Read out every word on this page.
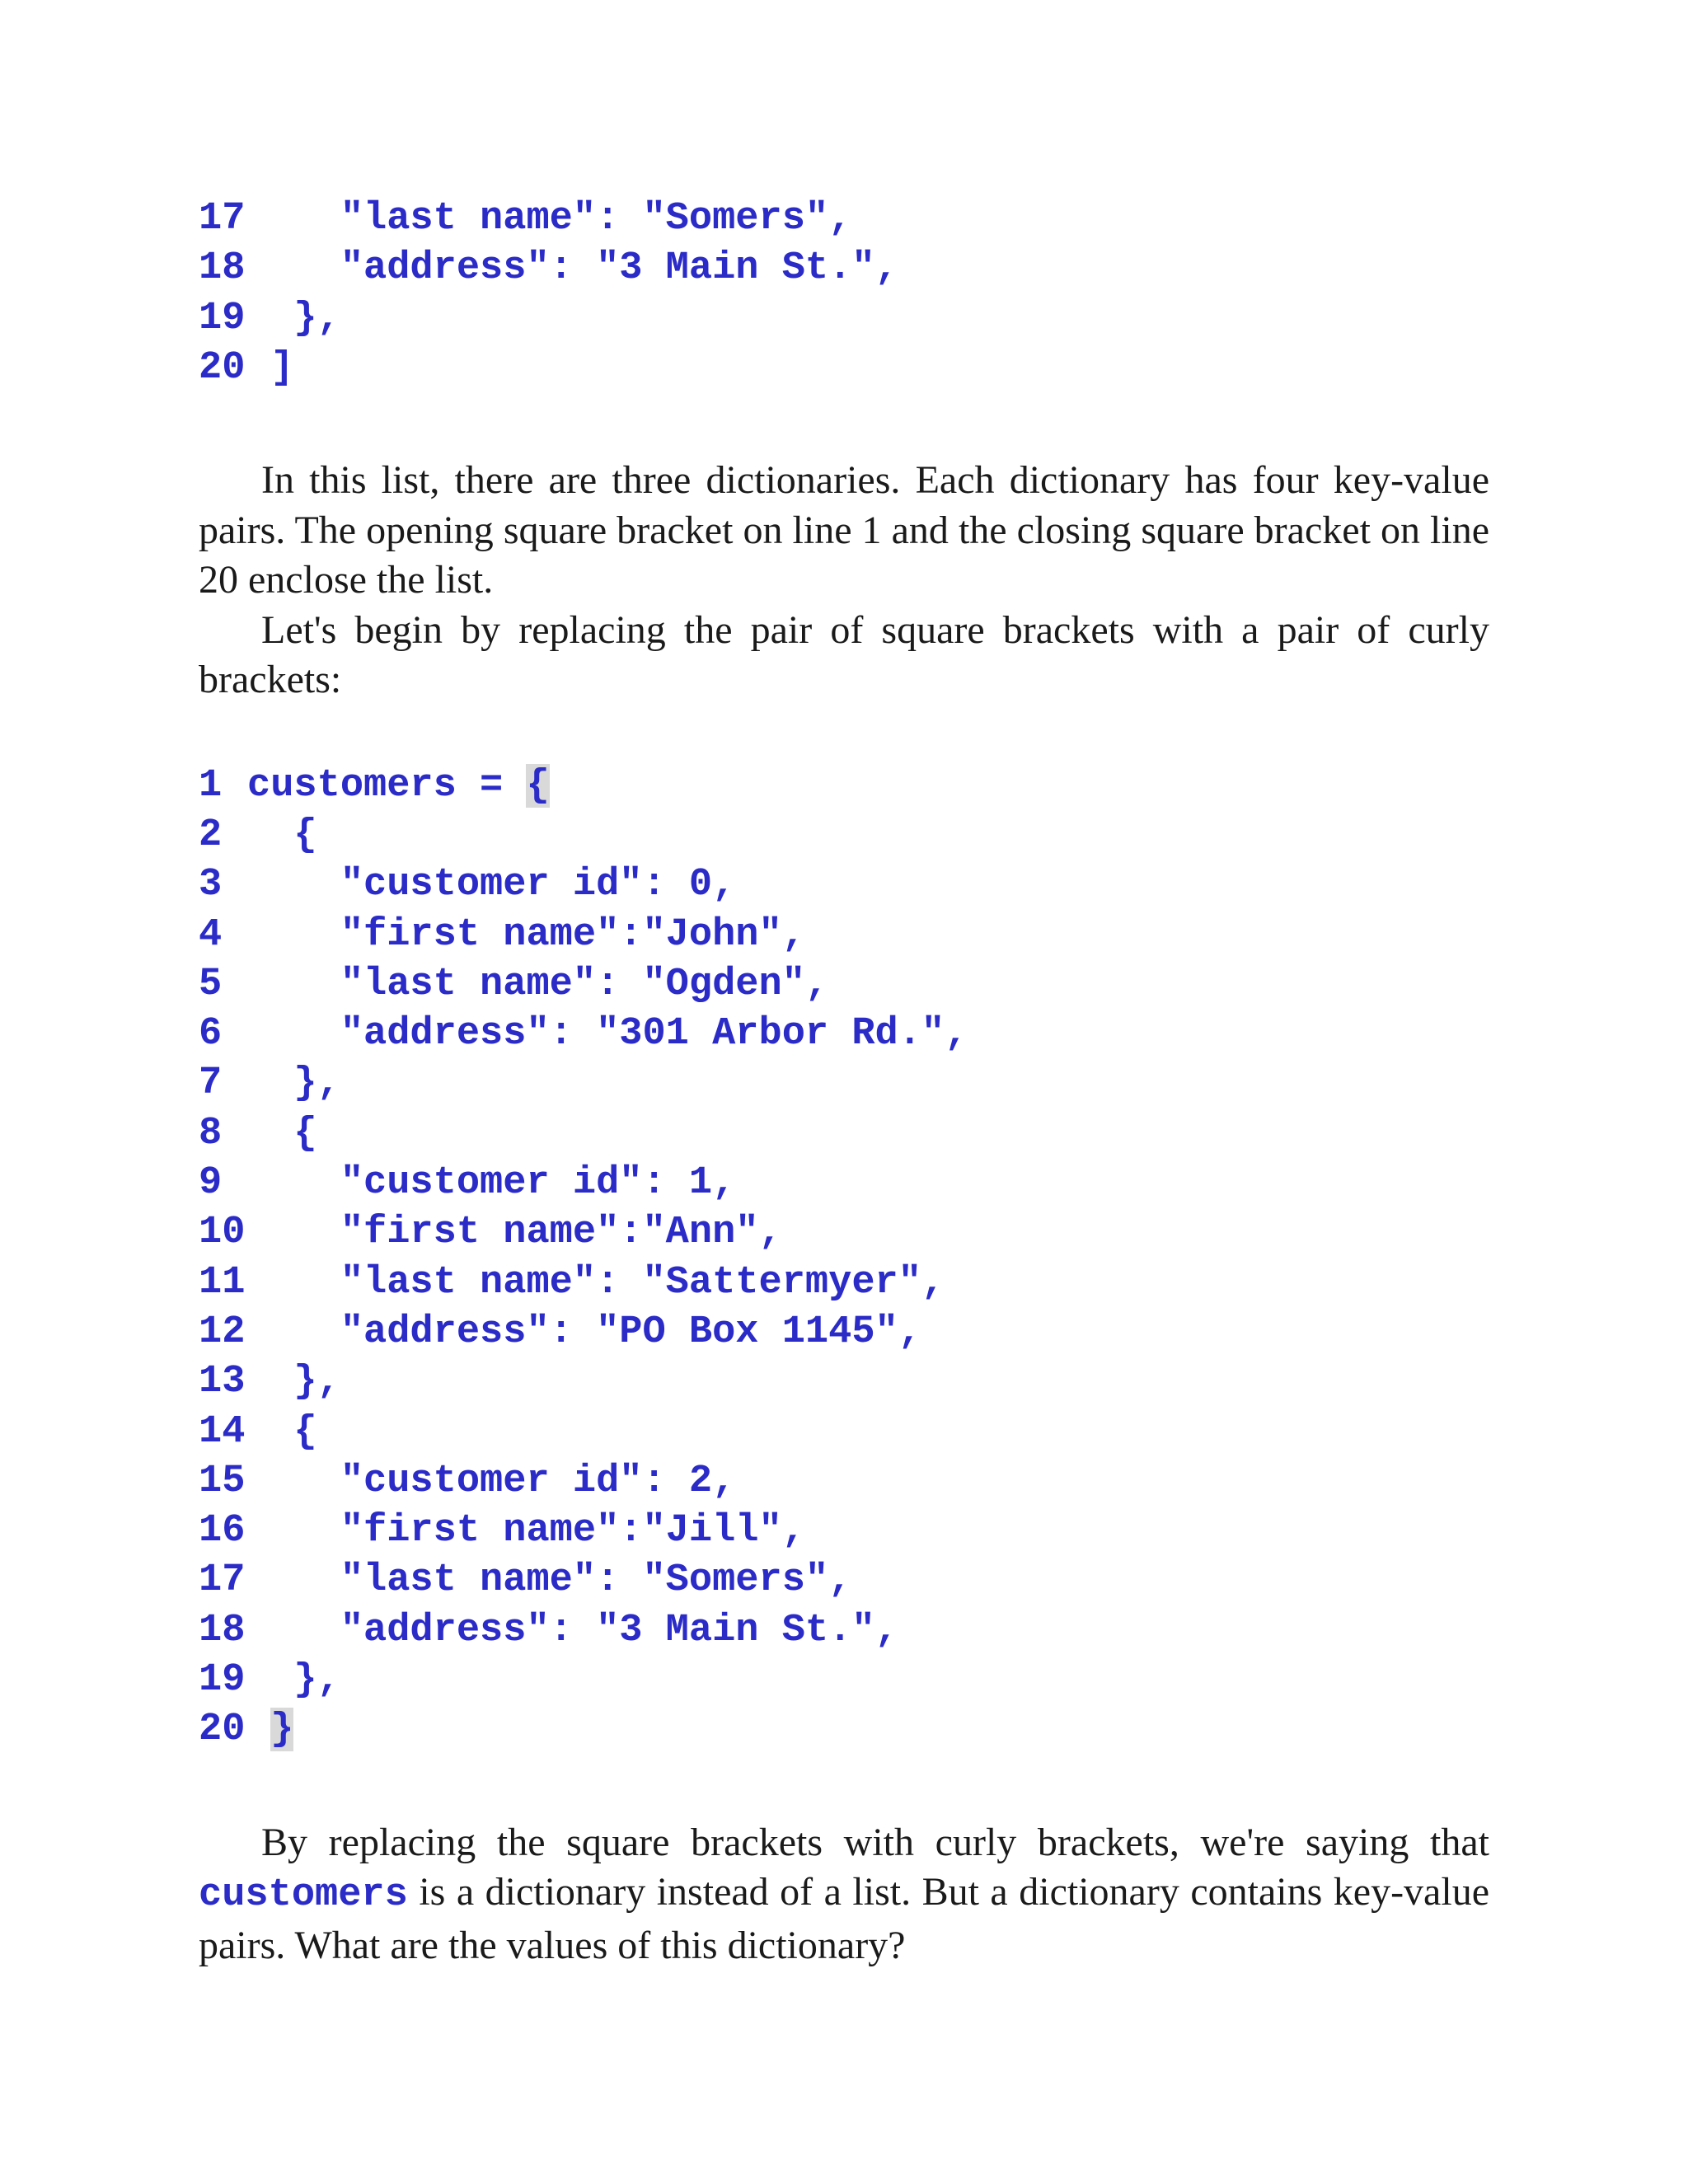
17    "last name": "Somers",
18    "address": "3 Main St.",
19  },
20 ]

In this list, there are three dictionaries. Each dictionary has four key-value pairs. The opening square bracket on line 1 and the closing square bracket on line 20 enclose the list.

Let's begin by replacing the pair of square brackets with a pair of curly brackets:

1 customers = {
2  {
3    "customer id": 0,
4    "first name":"John",
5    "last name": "Ogden",
6    "address": "301 Arbor Rd.",
7  },
8  {
9    "customer id": 1,
10    "first name":"Ann",
11    "last name": "Sattermyer",
12    "address": "PO Box 1145",
13  },
14  {
15    "customer id": 2,
16    "first name":"Jill",
17    "last name": "Somers",
18    "address": "3 Main St.",
19  },
20 }

By replacing the square brackets with curly brackets, we're saying that customers is a dictionary instead of a list. But a dictionary contains key-value pairs. What are the values of this dictionary?
